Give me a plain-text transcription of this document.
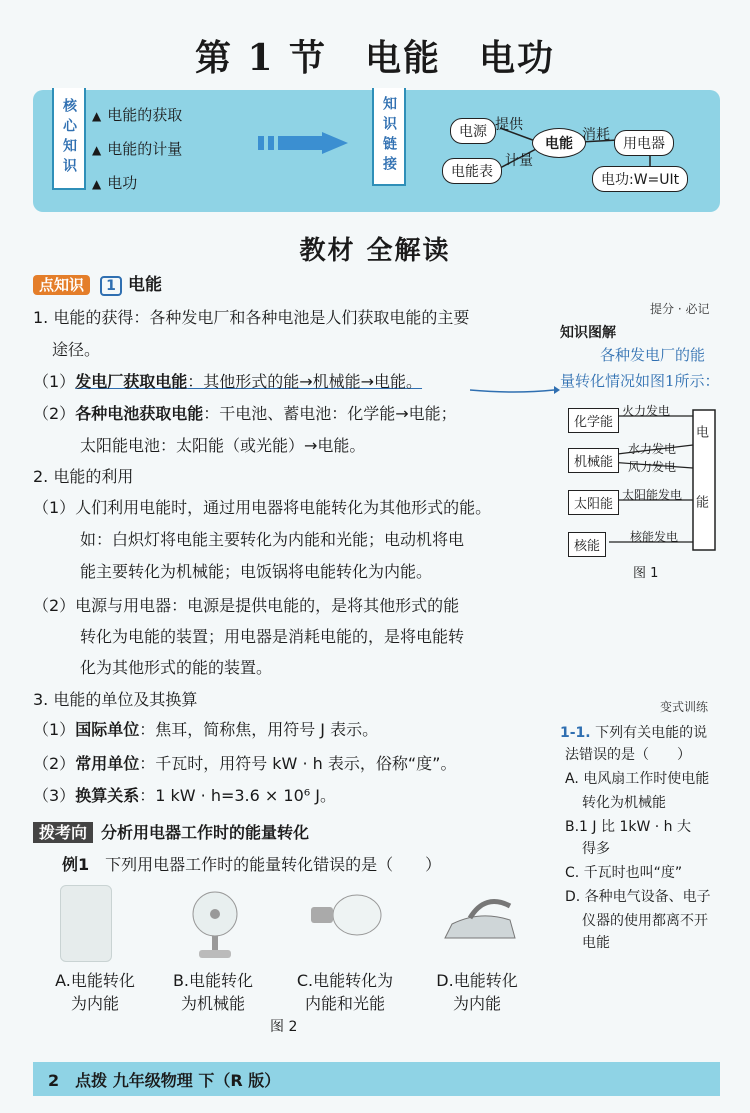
第 1 节　电能　电功
核心知识	▲ 电能的获取
▲ 电能的计量
▲ 电功
知识链接	电源 提供
电能
消耗
用电器
电能表
计量
电功:W=UIt
教材 全解读
点知识 1 电能
1. 电能的获得：各种发电厂和各种电池是人们获取电能的主要
途径。
（1）发电厂获取电能：其他形式的能→机械能→电能。
（2）各种电池获取电能：干电池、蓄电池：化学能→电能；
太阳能电池：太阳能（或光能）→电能。
2. 电能的利用
（1）人们利用电能时，通过用电器将电能转化为其他形式的能。
如：白炽灯将电能主要转化为内能和光能；电动机将电
能主要转化为机械能；电饭锅将电能转化为内能。
（2）电源与用电器：电源是提供电能的，是将其他形式的能
转化为电能的装置；用电器是消耗电能的，是将电能转
化为其他形式的能的装置。
3. 电能的单位及其换算
（1）国际单位：焦耳，简称焦，用符号 J 表示。
（2）常用单位：千瓦时，用符号 kW · h 表示，俗称“度”。
（3）换算关系：1 kW · h=3.6 × 10⁶ J。
提分 · 必记
知识图解
各种发电厂的能
量转化情况如图1所示：
化学能
机械能
太阳能
核能
火力发电
水力发电
风力发电
太阳能发电
核能发电
电　能
图 1
变式训练
1-1. 下列有关电能的说
法错误的是（　　）
A. 电风扇工作时使电能
转化为机械能
B.1 J 比 1kW · h 大
得多
C. 千瓦时也叫“度”
D. 各种电气设备、电子
仪器的使用都离不开
电能
拨考向 分析用电器工作时的能量转化
例1　 下列用电器工作时的能量转化错误的是（　　）
A.电能转化
为内能
B.电能转化
为机械能
C.电能转化为
内能和光能
D.电能转化
为内能
图 2
2　 点拨 九年级物理 下（R 版）
